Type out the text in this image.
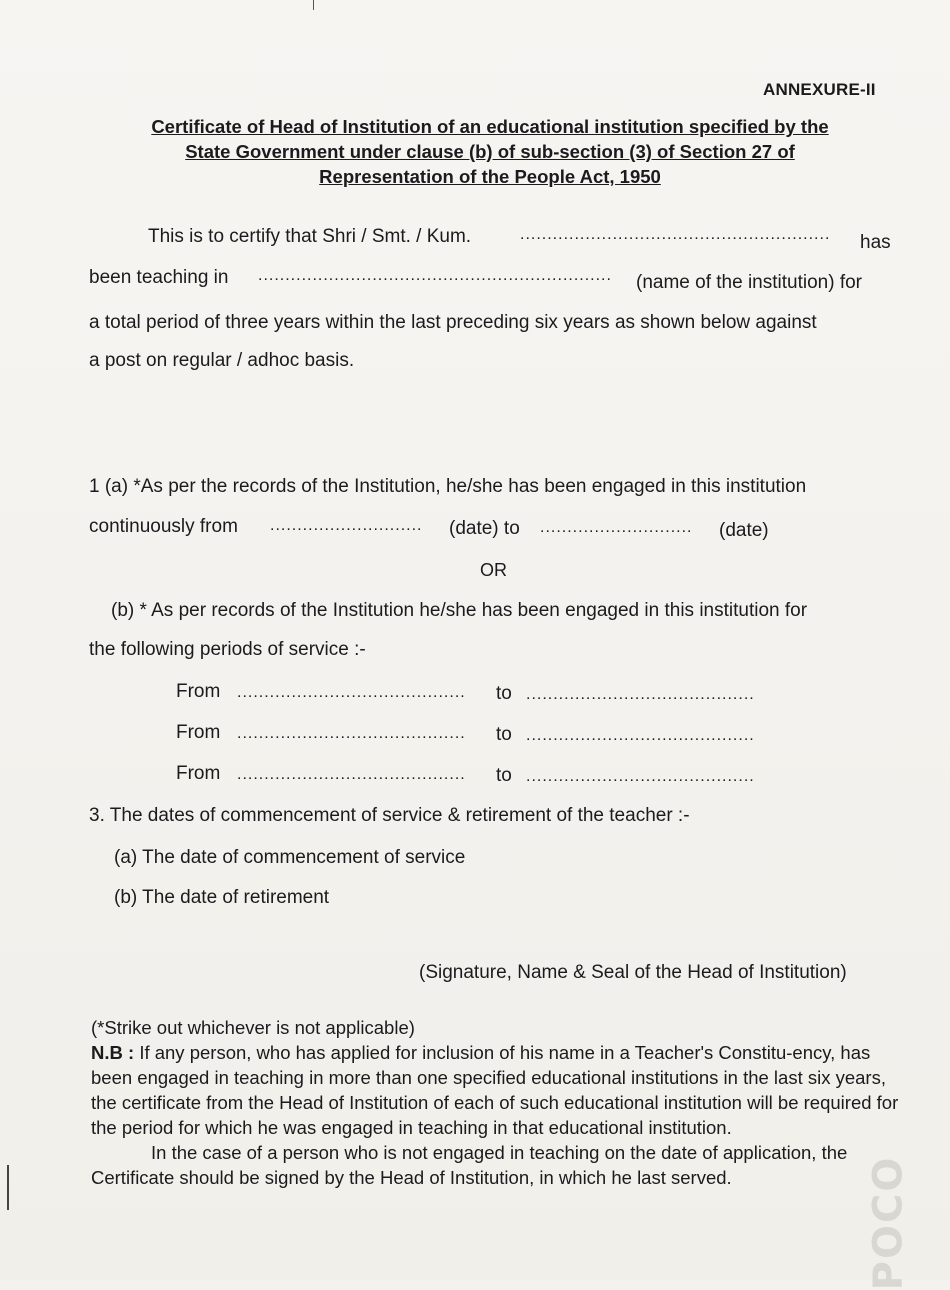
ANNEXURE-II
Certificate of Head of Institution of an educational institution specified by the
State Government under clause (b) of sub-section (3) of Section 27 of
Representation of the People Act, 1950
This is to certify that Shri / Smt. / Kum.	......................................................... has
been teaching in ................................................................. (name of the institution) for
a total period of three years within the last preceding six years as shown below against
a post on regular / adhoc basis.
1 (a) *As per the records of the Institution, he/she has been engaged in this institution
continuously from ............................ (date) to ............................ (date)
OR
(b) * As per records of the Institution he/she has been engaged in this institution for
the following periods of service :-
From .......................................... to ..........................................
From .......................................... to ..........................................
From .......................................... to ..........................................
3. The dates of commencement of service & retirement of the teacher :-
(a) The date of commencement of service
(b) The date of retirement
(Signature, Name & Seal of the Head of Institution)

(*Strike out whichever is not applicable)

N.B : If any person, who has applied for inclusion of his name in a Teacher's Constitu-ency, has been engaged in teaching in more than one specified educational institutions in the last six years, the certificate from the Head of Institution of each of such educational institution will be required for the period for which he was engaged in teaching in that educational institution.

In the case of a person who is not engaged in teaching on the date of application, the Certificate should be signed by the Head of Institution, in which he last served.	POCO
